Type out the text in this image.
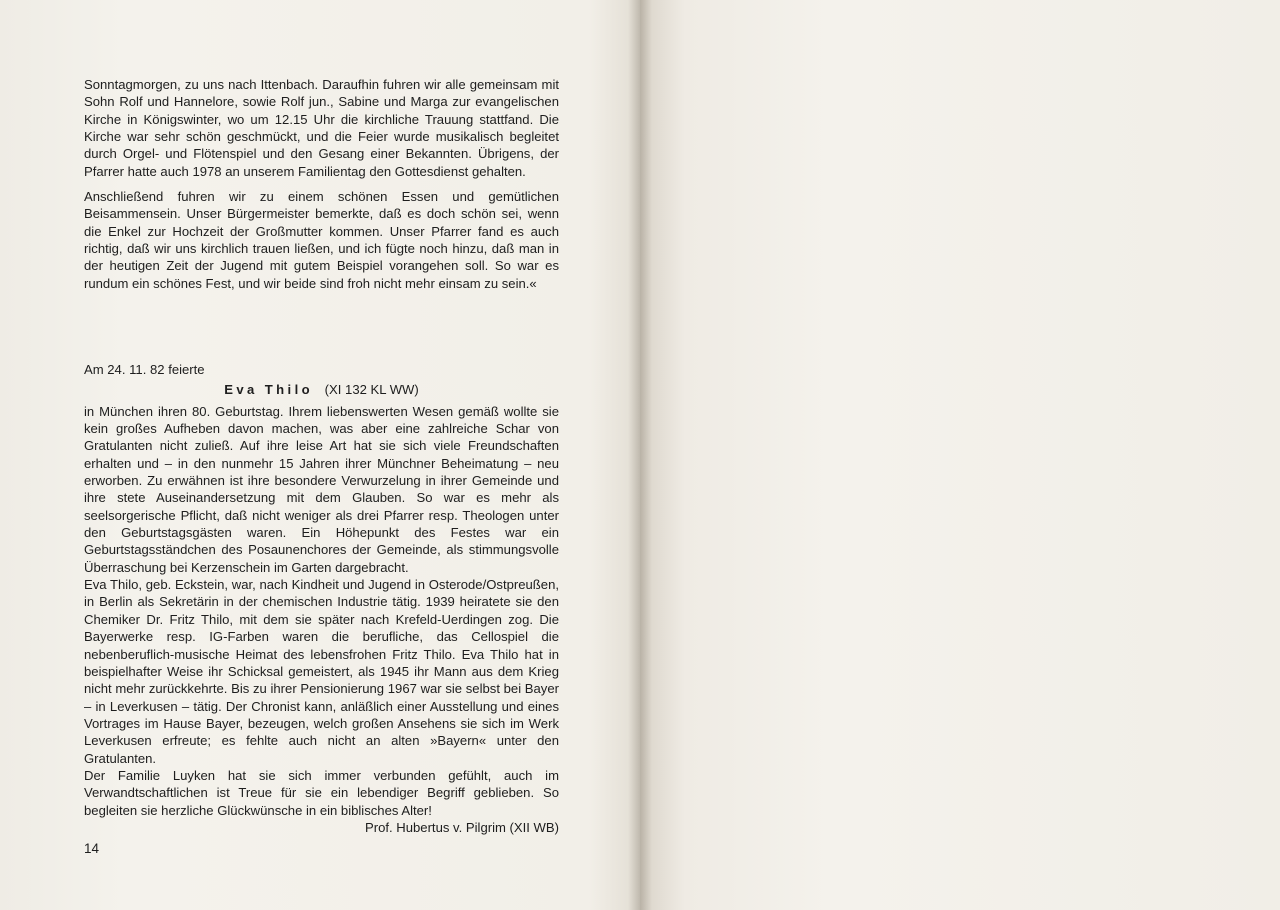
Sonntagmorgen, zu uns nach Ittenbach. Daraufhin fuhren wir alle gemeinsam mit Sohn Rolf und Hannelore, sowie Rolf jun., Sabine und Marga zur evangelischen Kirche in Königswinter, wo um 12.15 Uhr die kirchliche Trauung stattfand. Die Kirche war sehr schön geschmückt, und die Feier wurde musikalisch begleitet durch Orgel- und Flötenspiel und den Gesang einer Bekannten. Übrigens, der Pfarrer hatte auch 1978 an unserem Familientag den Gottesdienst gehalten.

Anschließend fuhren wir zu einem schönen Essen und gemütlichen Beisammensein. Unser Bürgermeister bemerkte, daß es doch schön sei, wenn die Enkel zur Hochzeit der Großmutter kommen. Unser Pfarrer fand es auch richtig, daß wir uns kirchlich trauen ließen, und ich fügte noch hinzu, daß man in der heutigen Zeit der Jugend mit gutem Beispiel vorangehen soll. So war es rundum ein schönes Fest, und wir beide sind froh nicht mehr einsam zu sein.«

Am 24. 11. 82 feierte

Eva Thilo (XI 132 KL WW)

in München ihren 80. Geburtstag. Ihrem liebenswerten Wesen gemäß wollte sie kein großes Aufheben davon machen, was aber eine zahlreiche Schar von Gratulanten nicht zuließ. Auf ihre leise Art hat sie sich viele Freundschaften erhalten und – in den nunmehr 15 Jahren ihrer Münchner Beheimatung – neu erworben. Zu erwähnen ist ihre besondere Verwurzelung in ihrer Gemeinde und ihre stete Auseinandersetzung mit dem Glauben. So war es mehr als seelsorgerische Pflicht, daß nicht weniger als drei Pfarrer resp. Theologen unter den Geburtstagsgästen waren. Ein Höhepunkt des Festes war ein Geburtstagsständchen des Posaunenchores der Gemeinde, als stimmungsvolle Überraschung bei Kerzenschein im Garten dargebracht.

Eva Thilo, geb. Eckstein, war, nach Kindheit und Jugend in Osterode/Ostpreußen, in Berlin als Sekretärin in der chemischen Industrie tätig. 1939 heiratete sie den Chemiker Dr. Fritz Thilo, mit dem sie später nach Krefeld-Uerdingen zog. Die Bayerwerke resp. IG-Farben waren die berufliche, das Cellospiel die nebenberuflich-musische Heimat des lebensfrohen Fritz Thilo. Eva Thilo hat in beispielhafter Weise ihr Schicksal gemeistert, als 1945 ihr Mann aus dem Krieg nicht mehr zurückkehrte. Bis zu ihrer Pensionierung 1967 war sie selbst bei Bayer – in Leverkusen – tätig. Der Chronist kann, anläßlich einer Ausstellung und eines Vortrages im Hause Bayer, bezeugen, welch großen Ansehens sie sich im Werk Leverkusen erfreute; es fehlte auch nicht an alten »Bayern« unter den Gratulanten.

Der Familie Luyken hat sie sich immer verbunden gefühlt, auch im Verwandtschaftlichen ist Treue für sie ein lebendiger Begriff geblieben. So begleiten sie herzliche Glückwünsche in ein biblisches Alter!

Prof. Hubertus v. Pilgrim (XII WB)

14
